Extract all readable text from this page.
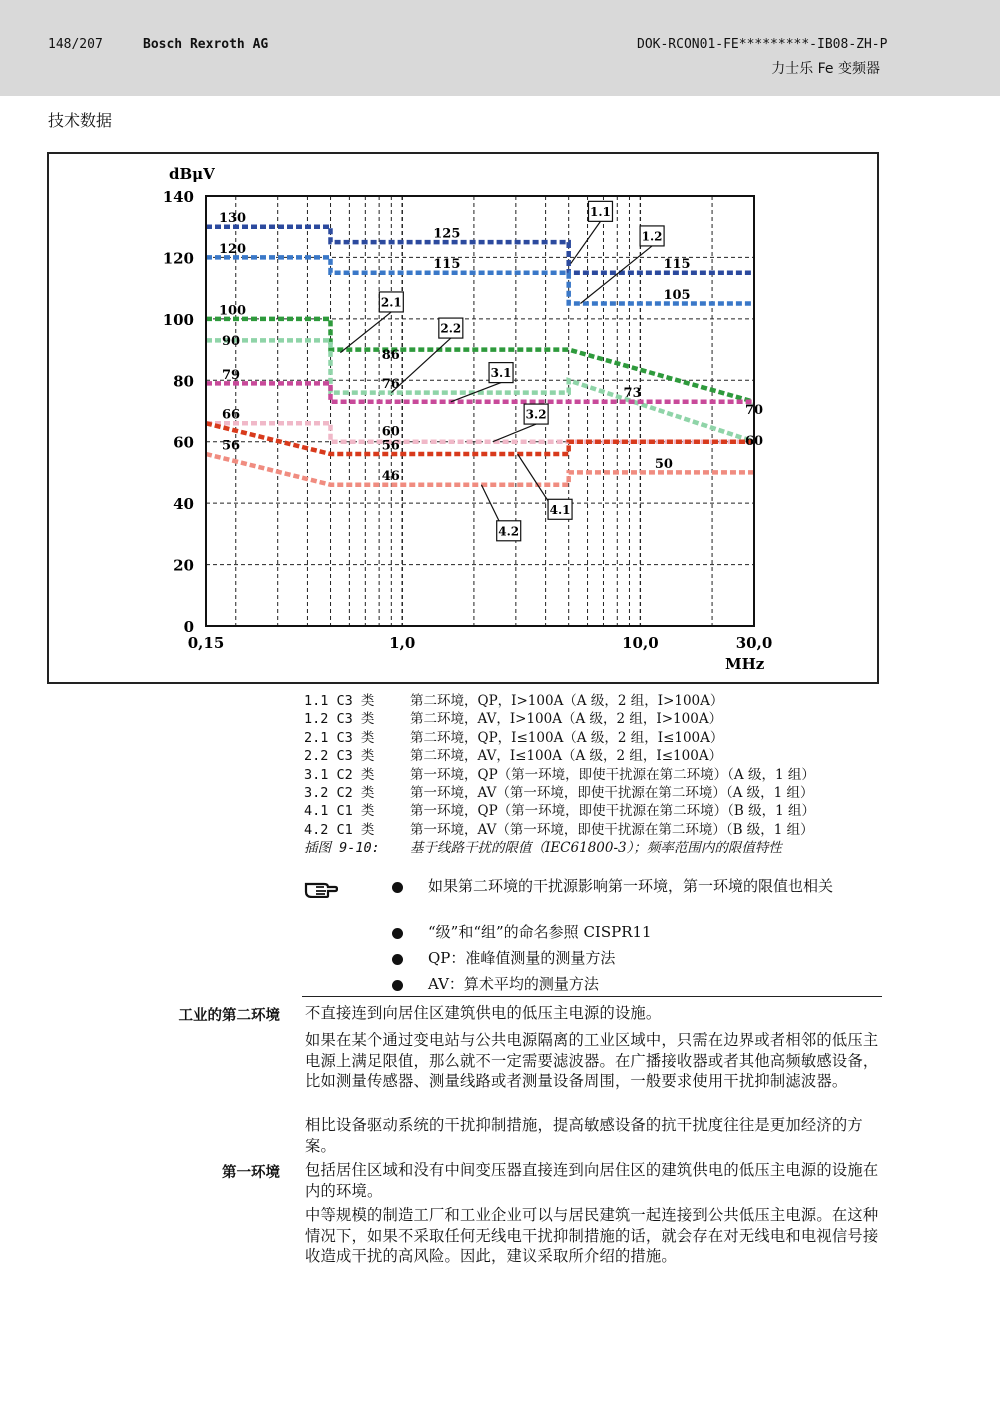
148/207	Bosch Rexroth AG	DOK-RCON01-FE*********-IB08-ZH-P
力士乐 Fe 变频器
技术数据
0
20
40
60
80
100
120
140
0,15	1,0	10,0	30,0
130
120
125
115	115
105
100
90
86
79
76
73
70
66
60
56	56	60
50
46
1.1
1.2
2.1
2.2
3.1
3.2
4.1
4.2
dBμV
MHz
1.1 C3 类	第二环境，QP，I>100A（A 级，2 组，I>100A）
1.2 C3 类	第二环境，AV，I>100A（A 级，2 组，I>100A）
2.1 C3 类	第二环境，QP，I≤100A（A 级，2 组，I≤100A）
2.2 C3 类	第二环境，AV，I≤100A（A 级，2 组，I≤100A）
3.1 C2 类	第一环境，QP（第一环境，即使干扰源在第二环境）（A 级，1 组）
3.2 C2 类	第一环境，AV（第一环境，即使干扰源在第二环境）（A 级，1 组）
4.1 C1 类	第一环境，QP（第一环境，即使干扰源在第二环境）（B 级，1 组）
4.2 C1 类	第一环境，AV（第一环境，即使干扰源在第二环境）（B 级，1 组）
插图 9-10: 基于线路干扰的限值（IEC61800-3）；频率范围内的限值特性
如果第二环境的干扰源影响第一环境，第一环境的限值也相关
“级”和“组”的命名参照 CISPR11
QP：准峰值测量的测量方法
AV：算术平均的测量方法
工业的第二环境 不直接连到向居住区建筑供电的低压主电源的设施。
如果在某个通过变电站与公共电源隔离的工业区域中，只需在边界或者相邻的低压主电源上满足限值，那么就不一定需要滤波器。在广播接收器或者其他高频敏感设备，比如测量传感器、测量线路或者测量设备周围，一般要求使用干扰抑制滤波器。
相比设备驱动系统的干扰抑制措施，提高敏感设备的抗干扰度往往是更加经济的方案。
第一环境 包括居住区域和没有中间变压器直接连到向居住区的建筑供电的低压主电源的设施在内的环境。
中等规模的制造工厂和工业企业可以与居民建筑一起连接到公共低压主电源。在这种情况下，如果不采取任何无线电干扰抑制措施的话，就会存在对无线电和电视信号接收造成干扰的高风险。因此，建议采取所介绍的措施。
